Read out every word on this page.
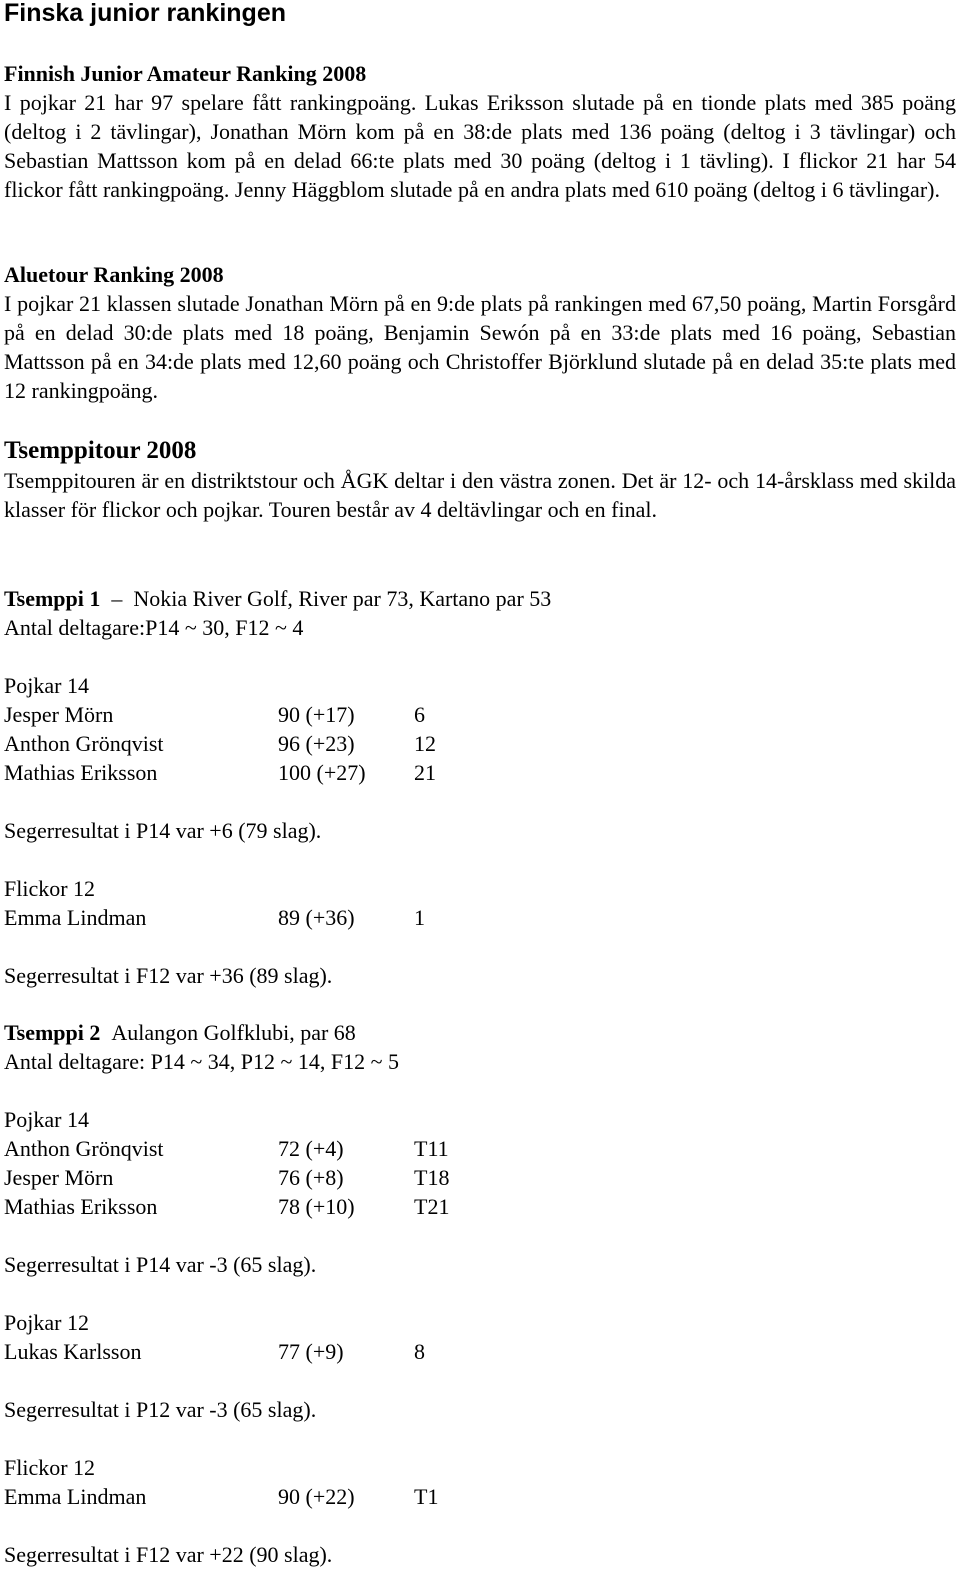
Finska junior rankingen
Finnish Junior Amateur Ranking 2008
I pojkar 21 har 97 spelare fått rankingpoäng. Lukas Eriksson slutade på en tionde plats med 385 poäng (deltog i 2 tävlingar), Jonathan Mörn kom på en 38:de plats med 136 poäng (deltog i 3 tävlingar) och Sebastian Mattsson kom på en delad 66:te plats med 30 poäng (deltog i 1 tävling). I flickor 21 har 54 flickor fått rankingpoäng. Jenny Häggblom slutade på en andra plats med 610 poäng (deltog i 6 tävlingar).
Aluetour Ranking 2008
I pojkar 21 klassen slutade Jonathan Mörn på en 9:de plats på rankingen med 67,50 poäng, Martin Forsgård på en delad 30:de plats med 18 poäng, Benjamin Sewón på en 33:de plats med 16 poäng, Sebastian Mattsson på en 34:de plats med 12,60 poäng och Christoffer Björklund slutade på en delad 35:te plats med 12 rankingpoäng.
Tsemppitour 2008
Tsemppitouren är en distriktstour och ÅGK deltar i den västra zonen. Det är 12- och 14-årsklass med skilda klasser för flickor och pojkar. Touren består av 4 deltävlingar och en final.
Tsemppi 1 – Nokia River Golf, River par 73, Kartano par 53
Antal deltagare:P14 ~ 30, F12 ~ 4
Pojkar 14
Jesper Mörn	90 (+17)	6
Anthon Grönqvist	96 (+23)	12
Mathias Eriksson	100 (+27) 21
Segerresultat i P14 var +6 (79 slag).
Flickor 12
Emma Lindman	89 (+36)	1
Segerresultat i F12 var +36 (89 slag).
Tsemppi 2 Aulangon Golfklubi, par 68
Antal deltagare: P14 ~ 34, P12 ~ 14, F12 ~ 5
Pojkar 14
Anthon Grönqvist	72 (+4)	T11
Jesper Mörn	76 (+8)	T18
Mathias Eriksson	78 (+10)	T21
Segerresultat i P14 var -3 (65 slag).
Pojkar 12
Lukas Karlsson	77 (+9)	8
Segerresultat i P12 var -3 (65 slag).
Flickor 12
Emma Lindman	90 (+22)	T1
Segerresultat i F12 var +22 (90 slag).
